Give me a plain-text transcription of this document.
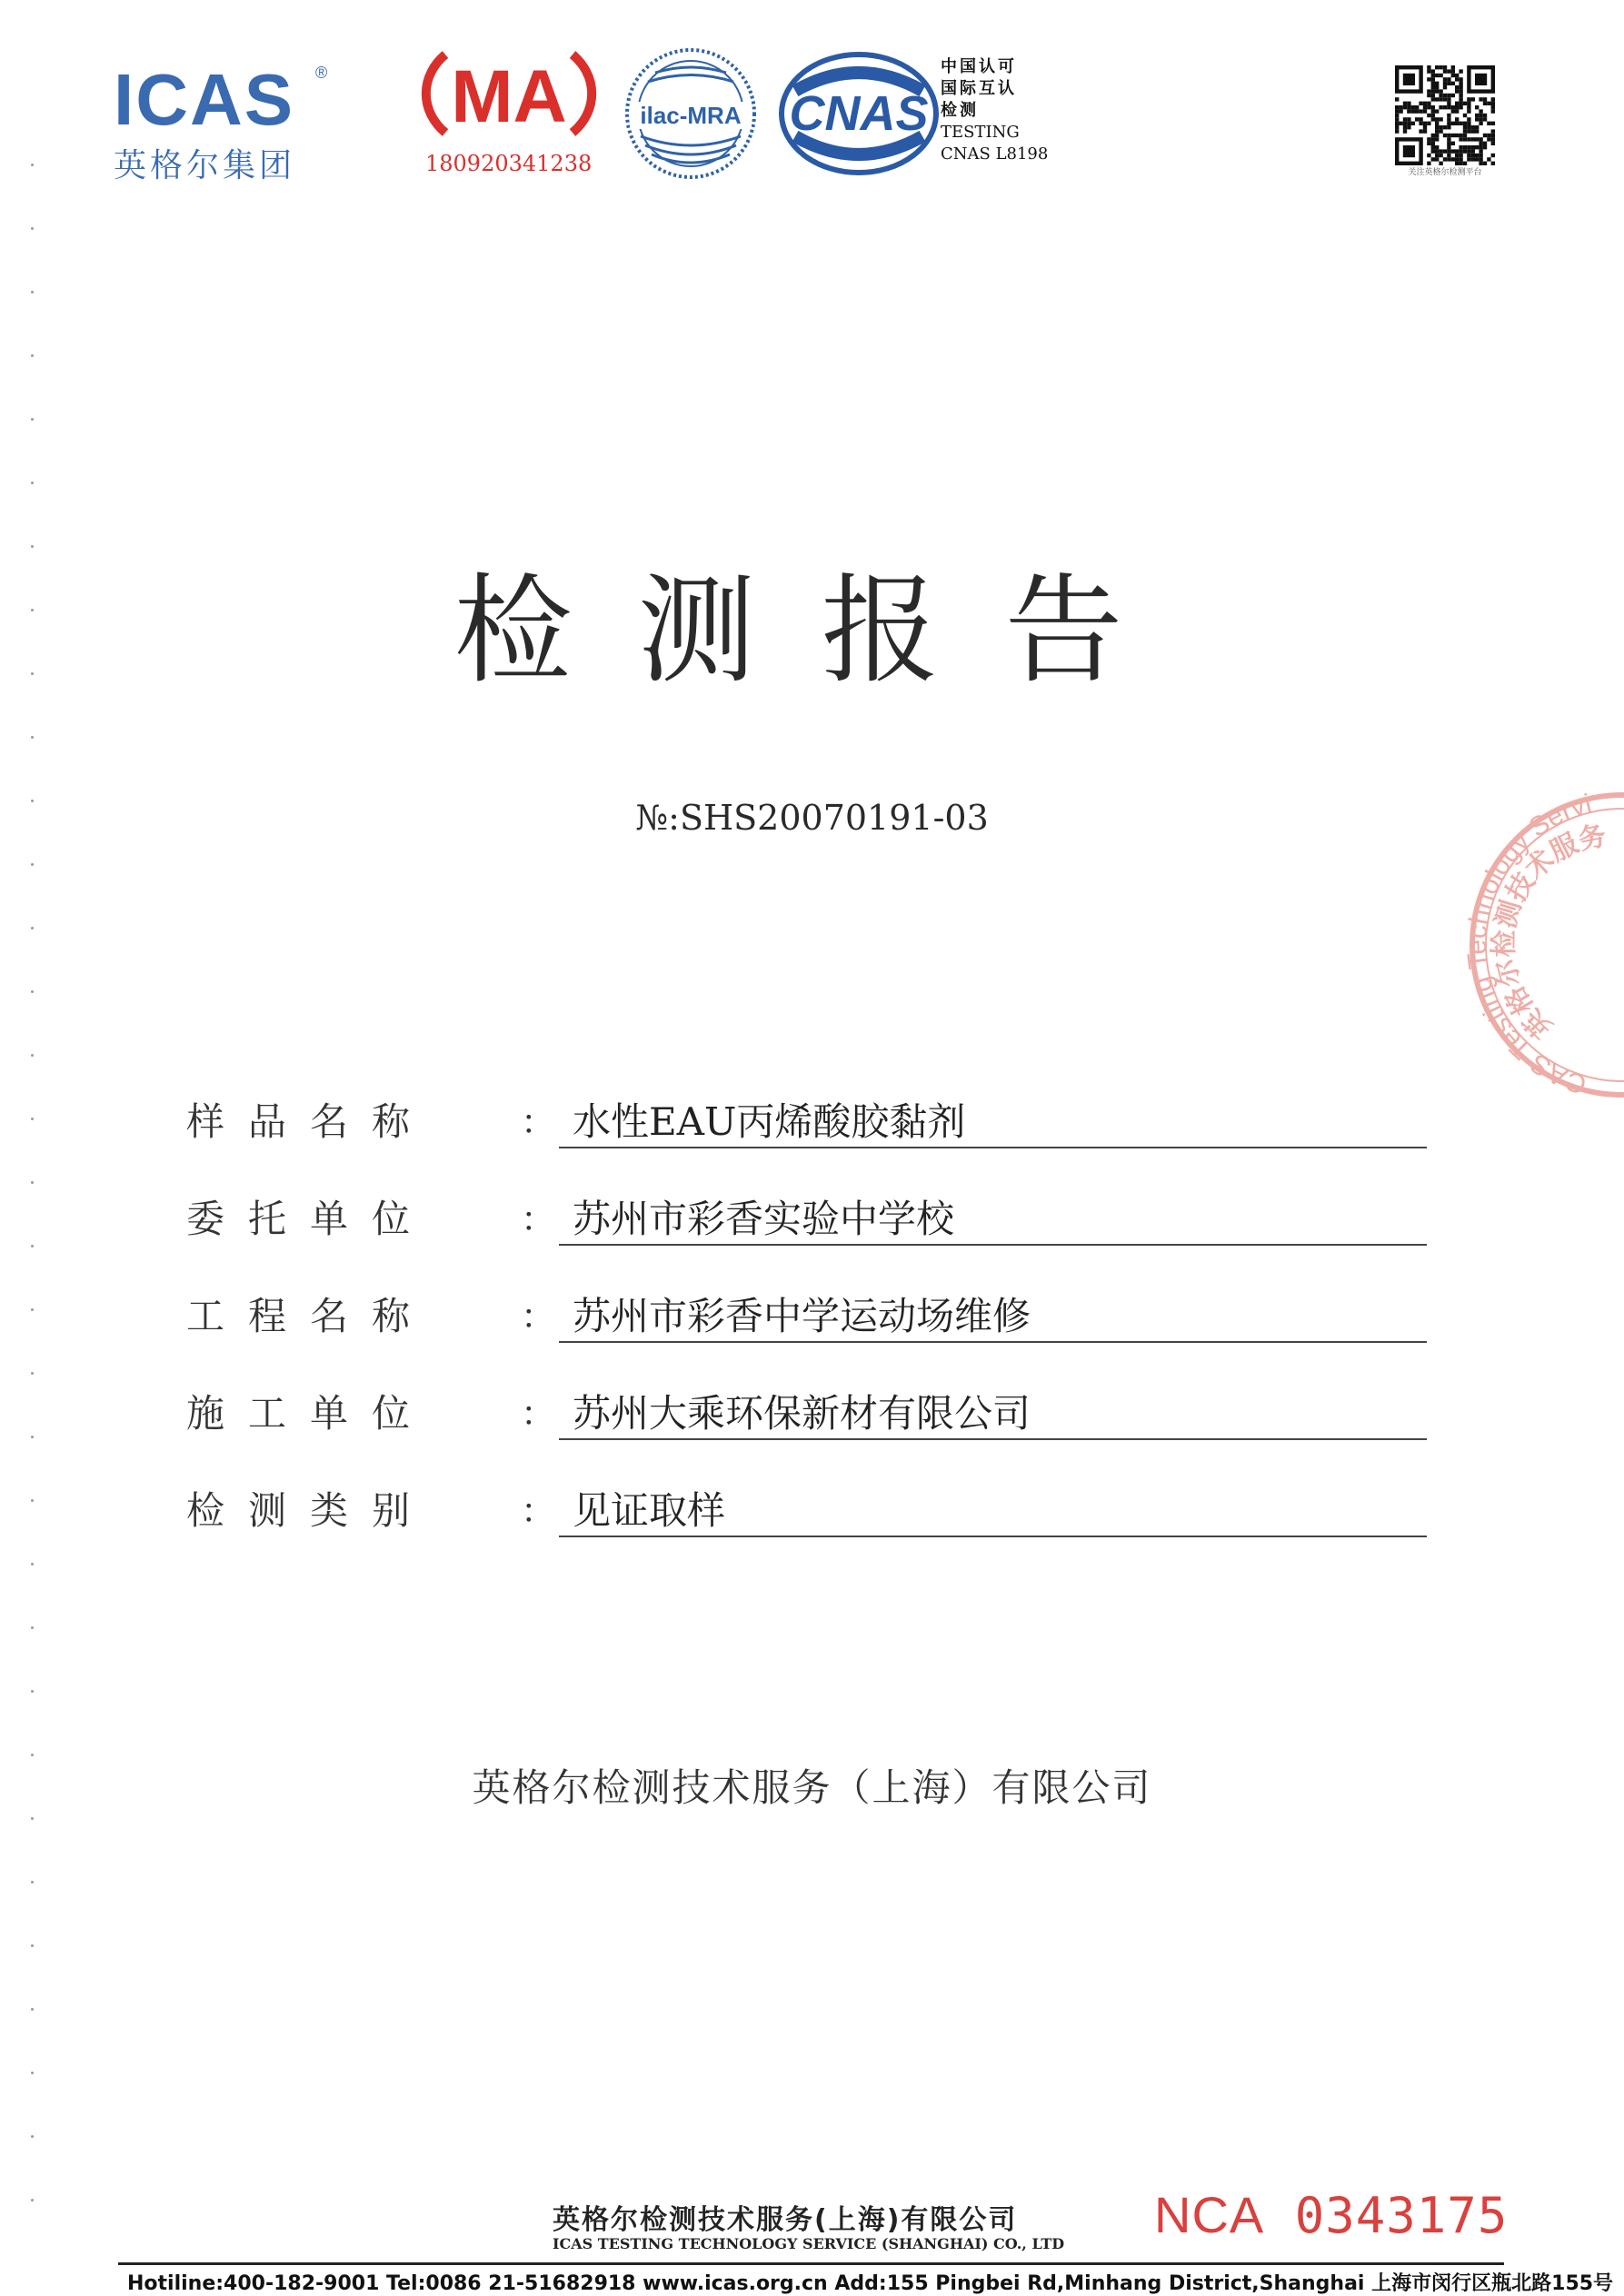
ICAS ®
英格尔集团
MA
180920341238
ilac-MRA CNAS
中国认可
国际互认
检测
TESTING
CNAS L8198
关注英格尔检测平台
检测报告
№:SHS20070191-03
CAS Testing Technology Servi
英格尔检测技术服务
样品名称	： 水性EAU丙烯酸胶黏剂
委托单位	： 苏州市彩香实验中学校
工程名称	： 苏州市彩香中学运动场维修
施工单位	： 苏州大乘环保新材有限公司
检测类别	： 见证取样
英格尔检测技术服务（上海）有限公司
英格尔检测技术服务(上海)有限公司
ICAS TESTING TECHNOLOGY SERVICE (SHANGHAI) CO., LTD
NCA 0343175
Hotiline:400-182-9001 Tel:0086 21-51682918 www.icas.org.cn Add:155 Pingbei Rd,Minhang District,Shanghai 上海市闵行区瓶北路155号
